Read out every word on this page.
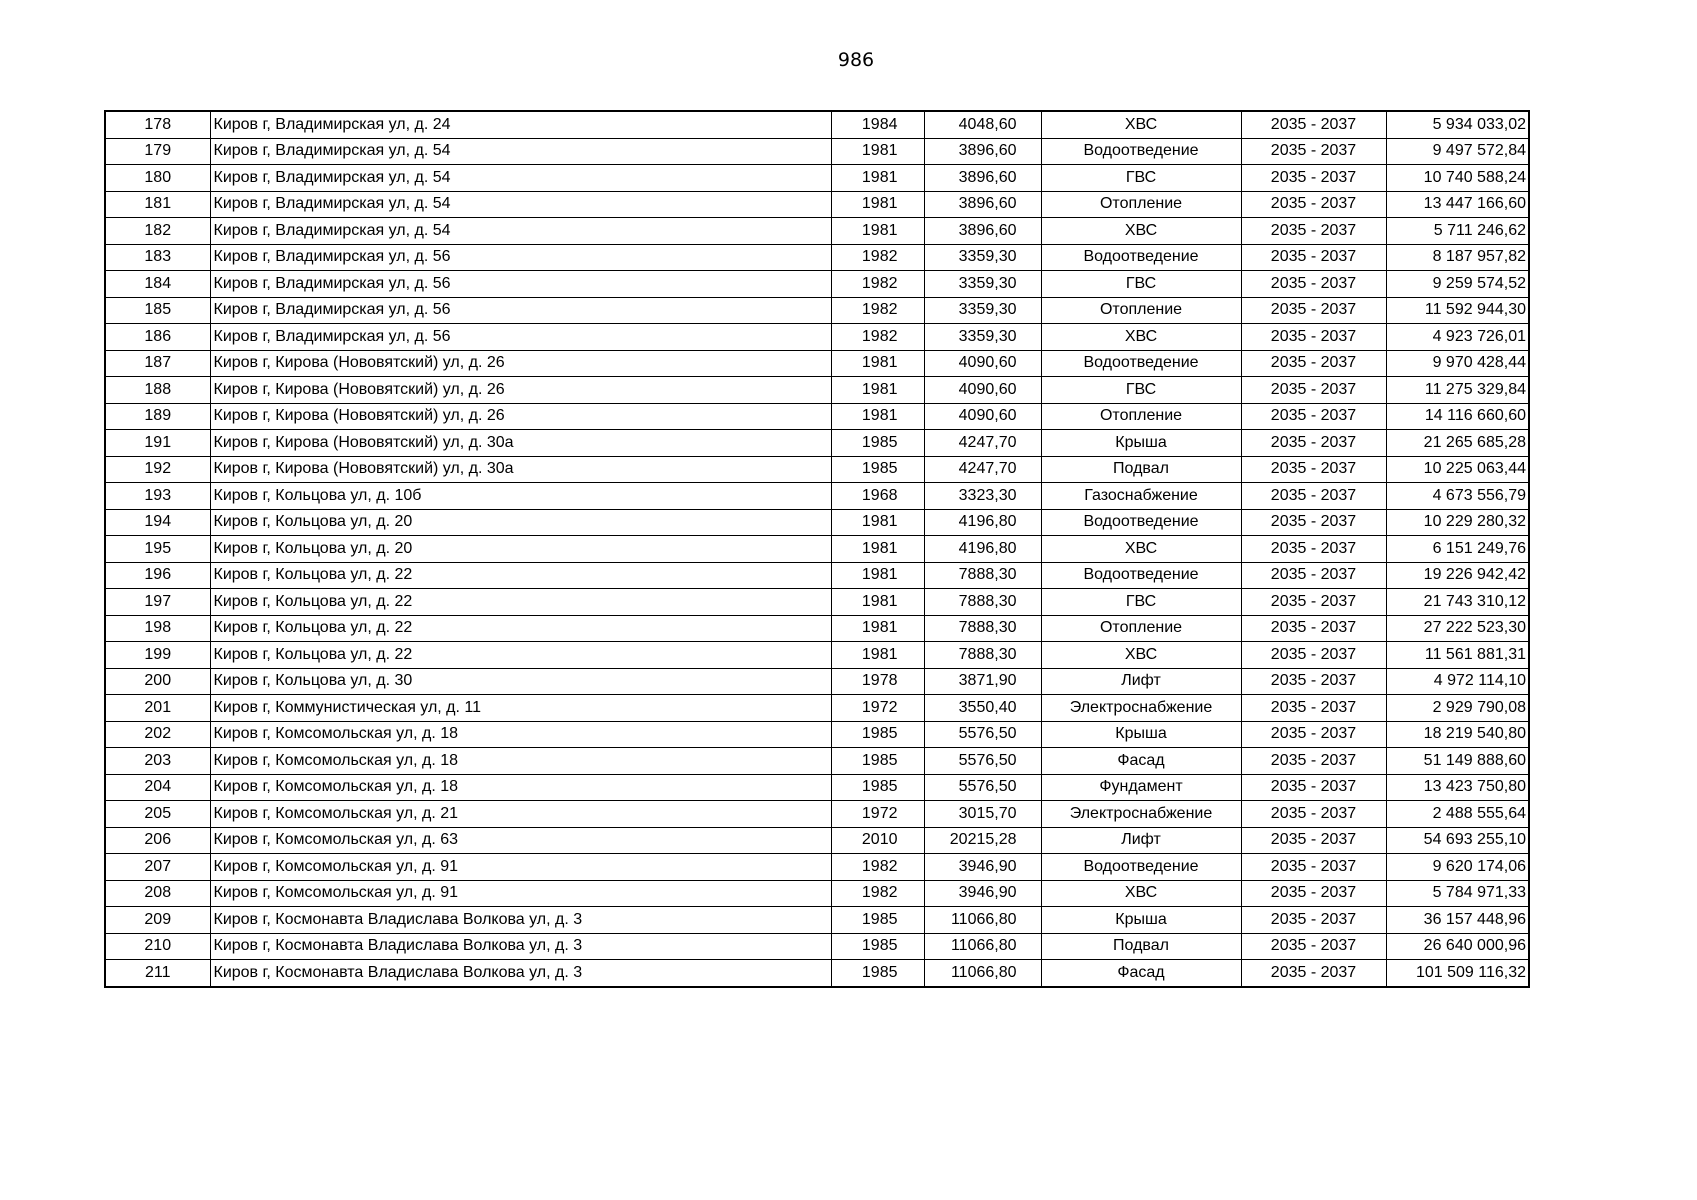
986
178	Киров г, Владимирская ул, д. 24	1984	4048,60	ХВС	2035 - 2037	5 934 033,02
179	Киров г, Владимирская ул, д. 54	1981	3896,60	Водоотведение	2035 - 2037	9 497 572,84
180	Киров г, Владимирская ул, д. 54	1981	3896,60	ГВС	2035 - 2037	10 740 588,24
181	Киров г, Владимирская ул, д. 54	1981	3896,60	Отопление	2035 - 2037	13 447 166,60
182	Киров г, Владимирская ул, д. 54	1981	3896,60	ХВС	2035 - 2037	5 711 246,62
183	Киров г, Владимирская ул, д. 56	1982	3359,30	Водоотведение	2035 - 2037	8 187 957,82
184	Киров г, Владимирская ул, д. 56	1982	3359,30	ГВС	2035 - 2037	9 259 574,52
185	Киров г, Владимирская ул, д. 56	1982	3359,30	Отопление	2035 - 2037	11 592 944,30
186	Киров г, Владимирская ул, д. 56	1982	3359,30	ХВС	2035 - 2037	4 923 726,01
187	Киров г, Кирова (Нововятский) ул, д. 26	1981	4090,60	Водоотведение	2035 - 2037	9 970 428,44
188	Киров г, Кирова (Нововятский) ул, д. 26	1981	4090,60	ГВС	2035 - 2037	11 275 329,84
189	Киров г, Кирова (Нововятский) ул, д. 26	1981	4090,60	Отопление	2035 - 2037	14 116 660,60
191	Киров г, Кирова (Нововятский) ул, д. 30а	1985	4247,70	Крыша	2035 - 2037	21 265 685,28
192	Киров г, Кирова (Нововятский) ул, д. 30а	1985	4247,70	Подвал	2035 - 2037	10 225 063,44
193	Киров г, Кольцова ул, д. 10б	1968	3323,30	Газоснабжение	2035 - 2037	4 673 556,79
194	Киров г, Кольцова ул, д. 20	1981	4196,80	Водоотведение	2035 - 2037	10 229 280,32
195	Киров г, Кольцова ул, д. 20	1981	4196,80	ХВС	2035 - 2037	6 151 249,76
196	Киров г, Кольцова ул, д. 22	1981	7888,30	Водоотведение	2035 - 2037	19 226 942,42
197	Киров г, Кольцова ул, д. 22	1981	7888,30	ГВС	2035 - 2037	21 743 310,12
198	Киров г, Кольцова ул, д. 22	1981	7888,30	Отопление	2035 - 2037	27 222 523,30
199	Киров г, Кольцова ул, д. 22	1981	7888,30	ХВС	2035 - 2037	11 561 881,31
200	Киров г, Кольцова ул, д. 30	1978	3871,90	Лифт	2035 - 2037	4 972 114,10
201	Киров г, Коммунистическая ул, д. 11	1972	3550,40	Электроснабжение	2035 - 2037	2 929 790,08
202	Киров г, Комсомольская ул, д. 18	1985	5576,50	Крыша	2035 - 2037	18 219 540,80
203	Киров г, Комсомольская ул, д. 18	1985	5576,50	Фасад	2035 - 2037	51 149 888,60
204	Киров г, Комсомольская ул, д. 18	1985	5576,50	Фундамент	2035 - 2037	13 423 750,80
205	Киров г, Комсомольская ул, д. 21	1972	3015,70	Электроснабжение	2035 - 2037	2 488 555,64
206	Киров г, Комсомольская ул, д. 63	2010	20215,28	Лифт	2035 - 2037	54 693 255,10
207	Киров г, Комсомольская ул, д. 91	1982	3946,90	Водоотведение	2035 - 2037	9 620 174,06
208	Киров г, Комсомольская ул, д. 91	1982	3946,90	ХВС	2035 - 2037	5 784 971,33
209	Киров г, Космонавта Владислава Волкова ул, д. 3	1985	11066,80	Крыша	2035 - 2037	36 157 448,96
210	Киров г, Космонавта Владислава Волкова ул, д. 3	1985	11066,80	Подвал	2035 - 2037	26 640 000,96
211	Киров г, Космонавта Владислава Волкова ул, д. 3	1985	11066,80	Фасад	2035 - 2037	101 509 116,32
